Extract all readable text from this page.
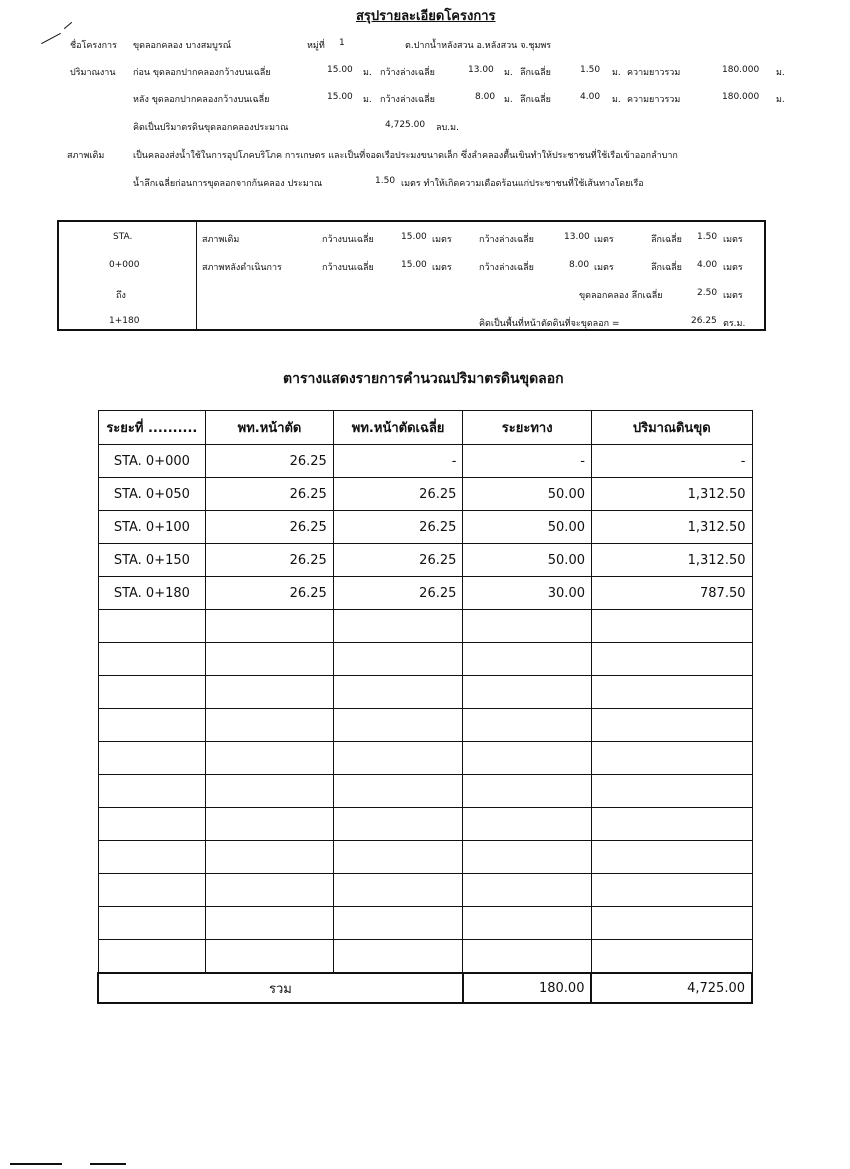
สรุปรายละเอียดโครงการ
ชื่อโครงการ ขุดลอกคลอง บางสมบูรณ์	หมู่ที่ 1	ต.ปากน้ำหลังสวน อ.หลังสวน จ.ชุมพร
ปริมาณงาน ก่อน ขุดลอกปากคลองกว้างบนเฉลี่ย	15.00 ม. กว้างล่างเฉลี่ย	13.00 ม. ลึกเฉลี่ย	1.50 ม. ความยาวรวม	180.000 ม.
หลัง ขุดลอกปากคลองกว้างบนเฉลี่ย	15.00 ม. กว้างล่างเฉลี่ย	8.00 ม. ลึกเฉลี่ย	4.00 ม. ความยาวรวม	180.000 ม.
คิดเป็นปริมาตรดินขุดลอกคลองประมาณ	4,725.00 ลบ.ม.
สภาพเดิม	เป็นคลองส่งน้ำใช้ในการอุปโภคบริโภค การเกษตร และเป็นที่จอดเรือประมงขนาดเล็ก ซึ่งลำคลองตื้นเขินทำให้ประชาชนที่ใช้เรือเข้าออกลำบาก
น้ำลึกเฉลี่ยก่อนการขุดลอกจากก้นคลอง ประมาณ	1.50 เมตร ทำให้เกิดความเดือดร้อนแก่ประชาชนที่ใช้เส้นทางโดยเรือ
STA.
0+000
ถึง
1+180
สภาพเดิม	กว้างบนเฉลี่ย	15.00 เมตร	กว้างล่างเฉลี่ย	13.00 เมตร	ลึกเฉลี่ย 1.50 เมตร
สภาพหลังดำเนินการ	กว้างบนเฉลี่ย	15.00 เมตร	กว้างล่างเฉลี่ย	8.00 เมตร	ลึกเฉลี่ย 4.00 เมตร
ขุดลอกคลอง ลึกเฉลี่ย	2.50 เมตร
คิดเป็นพื้นที่หน้าตัดดินที่จะขุดลอก =	26.25 ตร.ม.
ตารางแสดงรายการคำนวณปริมาตรดินขุดลอก
ระยะที่ ..........	พท.หน้าตัด	พท.หน้าตัดเฉลี่ย	ระยะทาง	ปริมาณดินขุด
STA. 0+000	26.25	-	-	-
STA. 0+050	26.25	26.25	50.00	1,312.50
STA. 0+100	26.25	26.25	50.00	1,312.50
STA. 0+150	26.25	26.25	50.00	1,312.50
STA. 0+180	26.25	26.25	30.00	787.50

รวม			180.00	4,725.00
